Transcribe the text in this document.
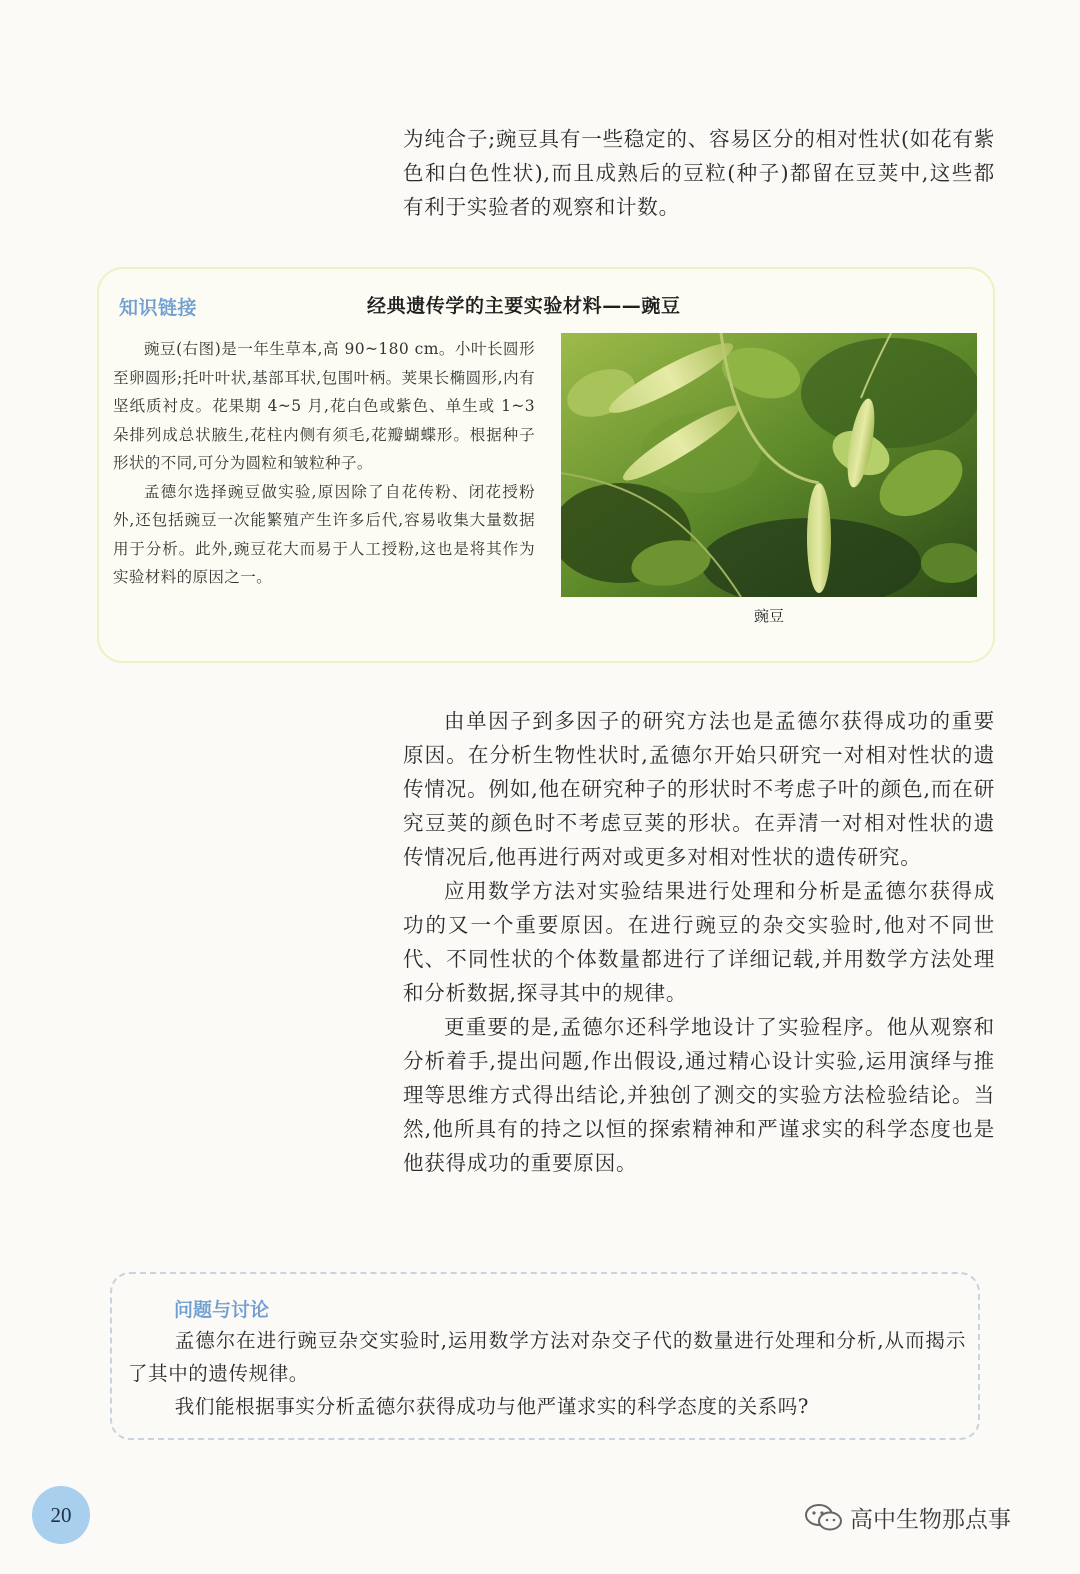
为纯合子;豌豆具有一些稳定的、容易区分的相对性状(如花有紫色和白色性状),而且成熟后的豆粒(种子)都留在豆荚中,这些都有利于实验者的观察和计数。

知识链接	经典遗传学的主要实验材料——豌豆

豌豆(右图)是一年生草本,高 90~180 cm。小叶长圆形至卵圆形;托叶叶状,基部耳状,包围叶柄。荚果长椭圆形,内有坚纸质衬皮。花果期 4~5 月,花白色或紫色、单生或 1~3 朵排列成总状腋生,花柱内侧有须毛,花瓣蝴蝶形。根据种子形状的不同,可分为圆粒和皱粒种子。

孟德尔选择豌豆做实验,原因除了自花传粉、闭花授粉外,还包括豌豆一次能繁殖产生许多后代,容易收集大量数据用于分析。此外,豌豆花大而易于人工授粉,这也是将其作为实验材料的原因之一。

豌豆

由单因子到多因子的研究方法也是孟德尔获得成功的重要原因。在分析生物性状时,孟德尔开始只研究一对相对性状的遗传情况。例如,他在研究种子的形状时不考虑子叶的颜色,而在研究豆荚的颜色时不考虑豆荚的形状。在弄清一对相对性状的遗传情况后,他再进行两对或更多对相对性状的遗传研究。

应用数学方法对实验结果进行处理和分析是孟德尔获得成功的又一个重要原因。在进行豌豆的杂交实验时,他对不同世代、不同性状的个体数量都进行了详细记载,并用数学方法处理和分析数据,探寻其中的规律。

更重要的是,孟德尔还科学地设计了实验程序。他从观察和分析着手,提出问题,作出假设,通过精心设计实验,运用演绎与推理等思维方式得出结论,并独创了测交的实验方法检验结论。当然,他所具有的持之以恒的探索精神和严谨求实的科学态度也是他获得成功的重要原因。

问题与讨论

孟德尔在进行豌豆杂交实验时,运用数学方法对杂交子代的数量进行处理和分析,从而揭示了其中的遗传规律。

我们能根据事实分析孟德尔获得成功与他严谨求实的科学态度的关系吗?

20	高中生物那点事
